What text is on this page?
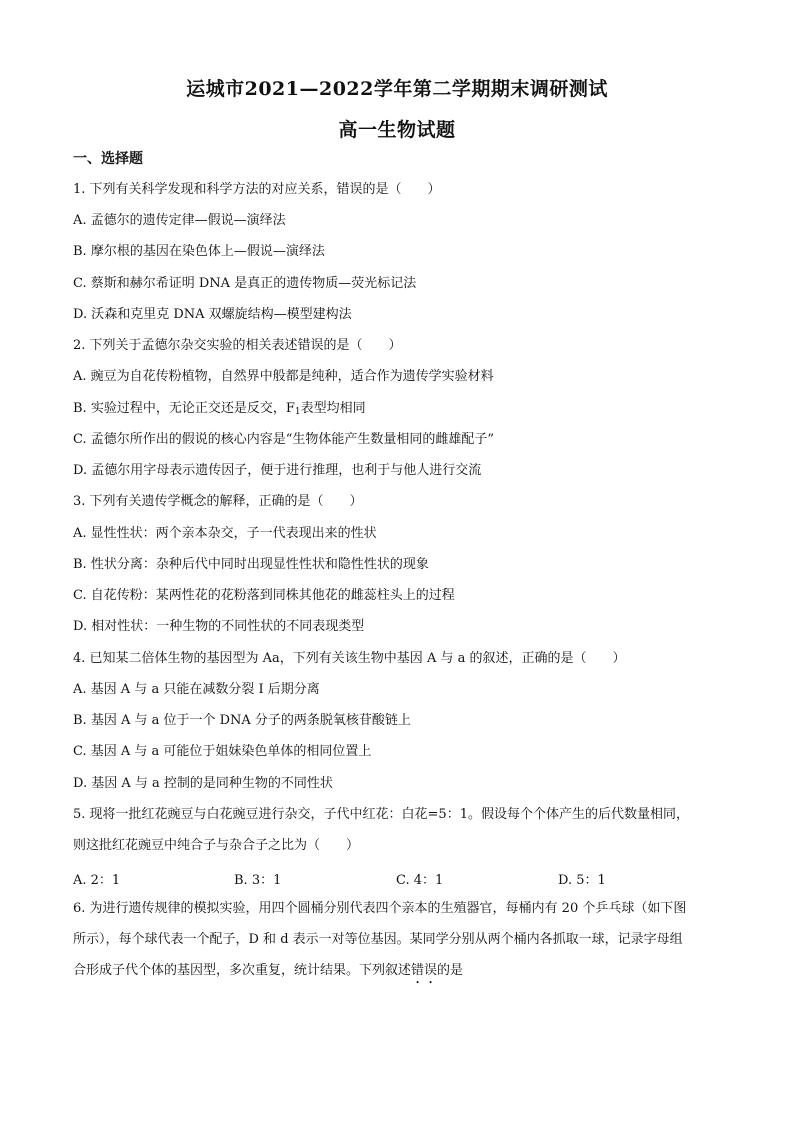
运城市2021—2022学年第二学期期末调研测试
高一生物试题
一、选择题
1. 下列有关科学发现和科学方法的对应关系，错误的是（　　）
A. 孟德尔的遗传定律—假说—演绎法
B. 摩尔根的基因在染色体上—假说—演绎法
C. 蔡斯和赫尔希证明 DNA 是真正的遗传物质—荧光标记法
D. 沃森和克里克 DNA 双螺旋结构—模型建构法
2. 下列关于孟德尔杂交实验的相关表述错误的是（　　）
A. 豌豆为自花传粉植物，自然界中般都是纯种，适合作为遗传学实验材料
B. 实验过程中，无论正交还是反交，$F_1$表型均相同
C. 孟德尔所作出的假说的核心内容是“生物体能产生数量相同的雌雄配子”
D. 孟德尔用字母表示遗传因子，便于进行推理，也利于与他人进行交流
3. 下列有关遗传学概念的解释，正确的是（　　）
A. 显性性状：两个亲本杂交，子一代表现出来的性状
B. 性状分离：杂种后代中同时出现显性性状和隐性性状的现象
C. 自花传粉：某两性花的花粉落到同株其他花的雌蕊柱头上的过程
D. 相对性状：一种生物的不同性状的不同表现类型
4. 已知某二倍体生物的基因型为 Aa，下列有关该生物中基因 A 与 a 的叙述，正确的是（　　）
A. 基因 A 与 a 只能在减数分裂 I 后期分离
B. 基因 A 与 a 位于一个 DNA 分子的两条脱氧核苷酸链上
C. 基因 A 与 a 可能位于姐妹染色单体的相同位置上
D. 基因 A 与 a 控制的是同种生物的不同性状
5. 现将一批红花豌豆与白花豌豆进行杂交，子代中红花：白花=5：1。假设每个个体产生的后代数量相同，
则这批红花豌豆中纯合子与杂合子之比为（　　）
A. 2：1	B. 3：1	C. 4：1	D. 5：1
6. 为进行遗传规律的模拟实验，用四个圆桶分别代表四个亲本的生殖器官，每桶内有 20 个乒乓球（如下图
所示），每个球代表一个配子，D 和 d 表示一对等位基因。某同学分别从两个桶内各抓取一球，记录字母组
合形成子代个体的基因型，多次重复，统计结果。下列叙述错误的是
